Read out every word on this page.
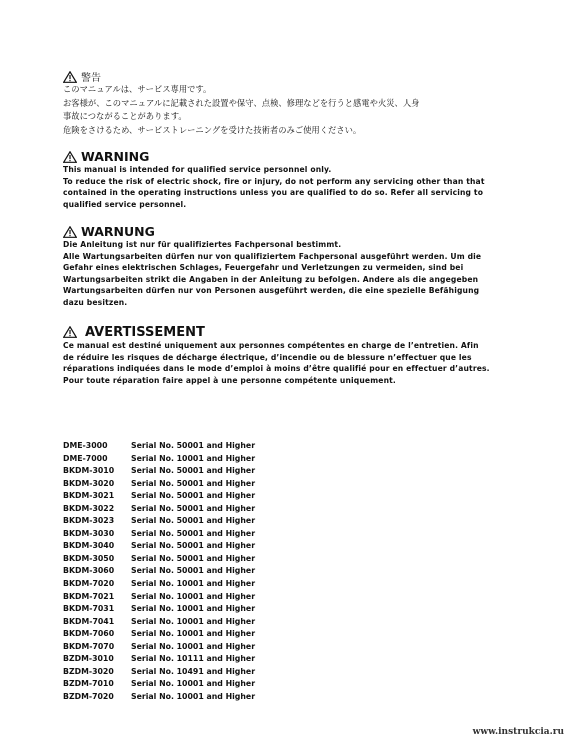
警告
このマニュアルは、サービス専用です。
お客様が、このマニュアルに記載された設置や保守、点検、修理などを行うと感電や火災、人身
事故につながることがあります。
危険をさけるため、サービストレーニングを受けた技術者のみご使用ください。
WARNING
This manual is intended for qualified service personnel only.
To reduce the risk of electric shock, fire or injury, do not perform any servicing other than that
contained in the operating instructions unless you are qualified to do so. Refer all servicing to
qualified service personnel.
WARNUNG
Die Anleitung ist nur für qualifiziertes Fachpersonal bestimmt.
Alle Wartungsarbeiten dürfen nur von qualifiziertem Fachpersonal ausgeführt werden. Um die
Gefahr eines elektrischen Schlages, Feuergefahr und Verletzungen zu vermeiden, sind bei
Wartungsarbeiten strikt die Angaben in der Anleitung zu befolgen. Andere als die angegeben
Wartungsarbeiten dürfen nur von Personen ausgeführt werden, die eine spezielle Befähigung
dazu besitzen.
AVERTISSEMENT
Ce manual est destiné uniquement aux personnes compétentes en charge de l’entretien. Afin
de réduire les risques de décharge électrique, d’incendie ou de blessure n’effectuer que les
réparations indiquées dans le mode d’emploi à moins d’être qualifié pour en effectuer d’autres.
Pour toute réparation faire appel à une personne compétente uniquement.
DME-3000	Serial No. 50001 and Higher
DME-7000	Serial No. 10001 and Higher
BKDM-3010	Serial No. 50001 and Higher
BKDM-3020	Serial No. 50001 and Higher
BKDM-3021	Serial No. 50001 and Higher
BKDM-3022	Serial No. 50001 and Higher
BKDM-3023	Serial No. 50001 and Higher
BKDM-3030	Serial No. 50001 and Higher
BKDM-3040	Serial No. 50001 and Higher
BKDM-3050	Serial No. 50001 and Higher
BKDM-3060	Serial No. 50001 and Higher
BKDM-7020	Serial No. 10001 and Higher
BKDM-7021	Serial No. 10001 and Higher
BKDM-7031	Serial No. 10001 and Higher
BKDM-7041	Serial No. 10001 and Higher
BKDM-7060	Serial No. 10001 and Higher
BKDM-7070	Serial No. 10001 and Higher
BZDM-3010	Serial No. 10111 and Higher
BZDM-3020	Serial No. 10491 and Higher
BZDM-7010	Serial No. 10001 and Higher
BZDM-7020	Serial No. 10001 and Higher
www.instrukcia.ru
